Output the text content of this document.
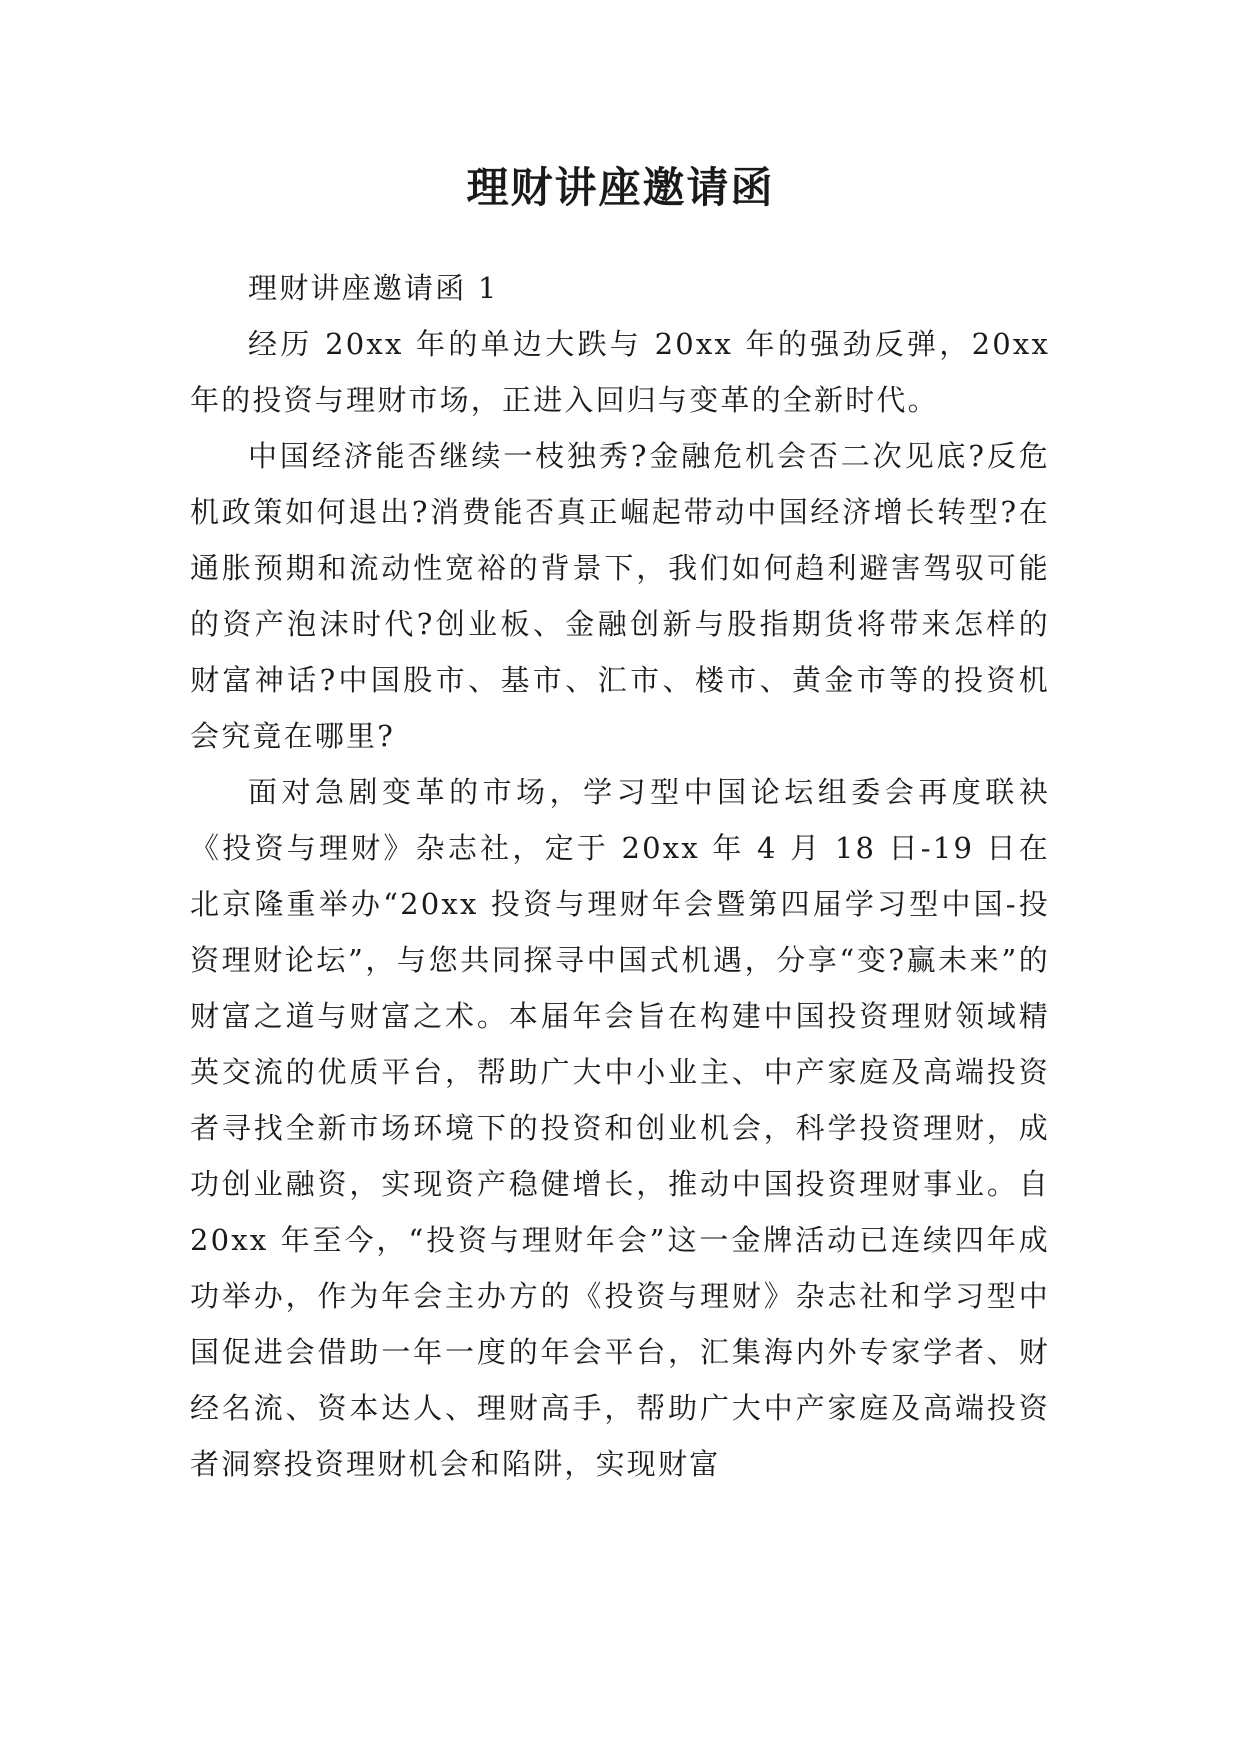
理财讲座邀请函

理财讲座邀请函 1

经历 20xx 年的单边大跌与 20xx 年的强劲反弹，20xx 年的投资与理财市场，正进入回归与变革的全新时代。

中国经济能否继续一枝独秀?金融危机会否二次见底?反危机政策如何退出?消费能否真正崛起带动中国经济增长转型?在通胀预期和流动性宽裕的背景下，我们如何趋利避害驾驭可能的资产泡沫时代?创业板、金融创新与股指期货将带来怎样的财富神话?中国股市、基市、汇市、楼市、黄金市等的投资机会究竟在哪里?

面对急剧变革的市场，学习型中国论坛组委会再度联袂《投资与理财》杂志社，定于 20xx 年 4 月 18 日-19 日在北京隆重举办“20xx 投资与理财年会暨第四届学习型中国-投资理财论坛”，与您共同探寻中国式机遇，分享“变?赢未来”的财富之道与财富之术。本届年会旨在构建中国投资理财领域精英交流的优质平台，帮助广大中小业主、中产家庭及高端投资者寻找全新市场环境下的投资和创业机会，科学投资理财，成功创业融资，实现资产稳健增长，推动中国投资理财事业。自 20xx 年至今，“投资与理财年会”这一金牌活动已连续四年成功举办，作为年会主办方的《投资与理财》杂志社和学习型中国促进会借助一年一度的年会平台，汇集海内外专家学者、财经名流、资本达人、理财高手，帮助广大中产家庭及高端投资者洞察投资理财机会和陷阱，实现财富
